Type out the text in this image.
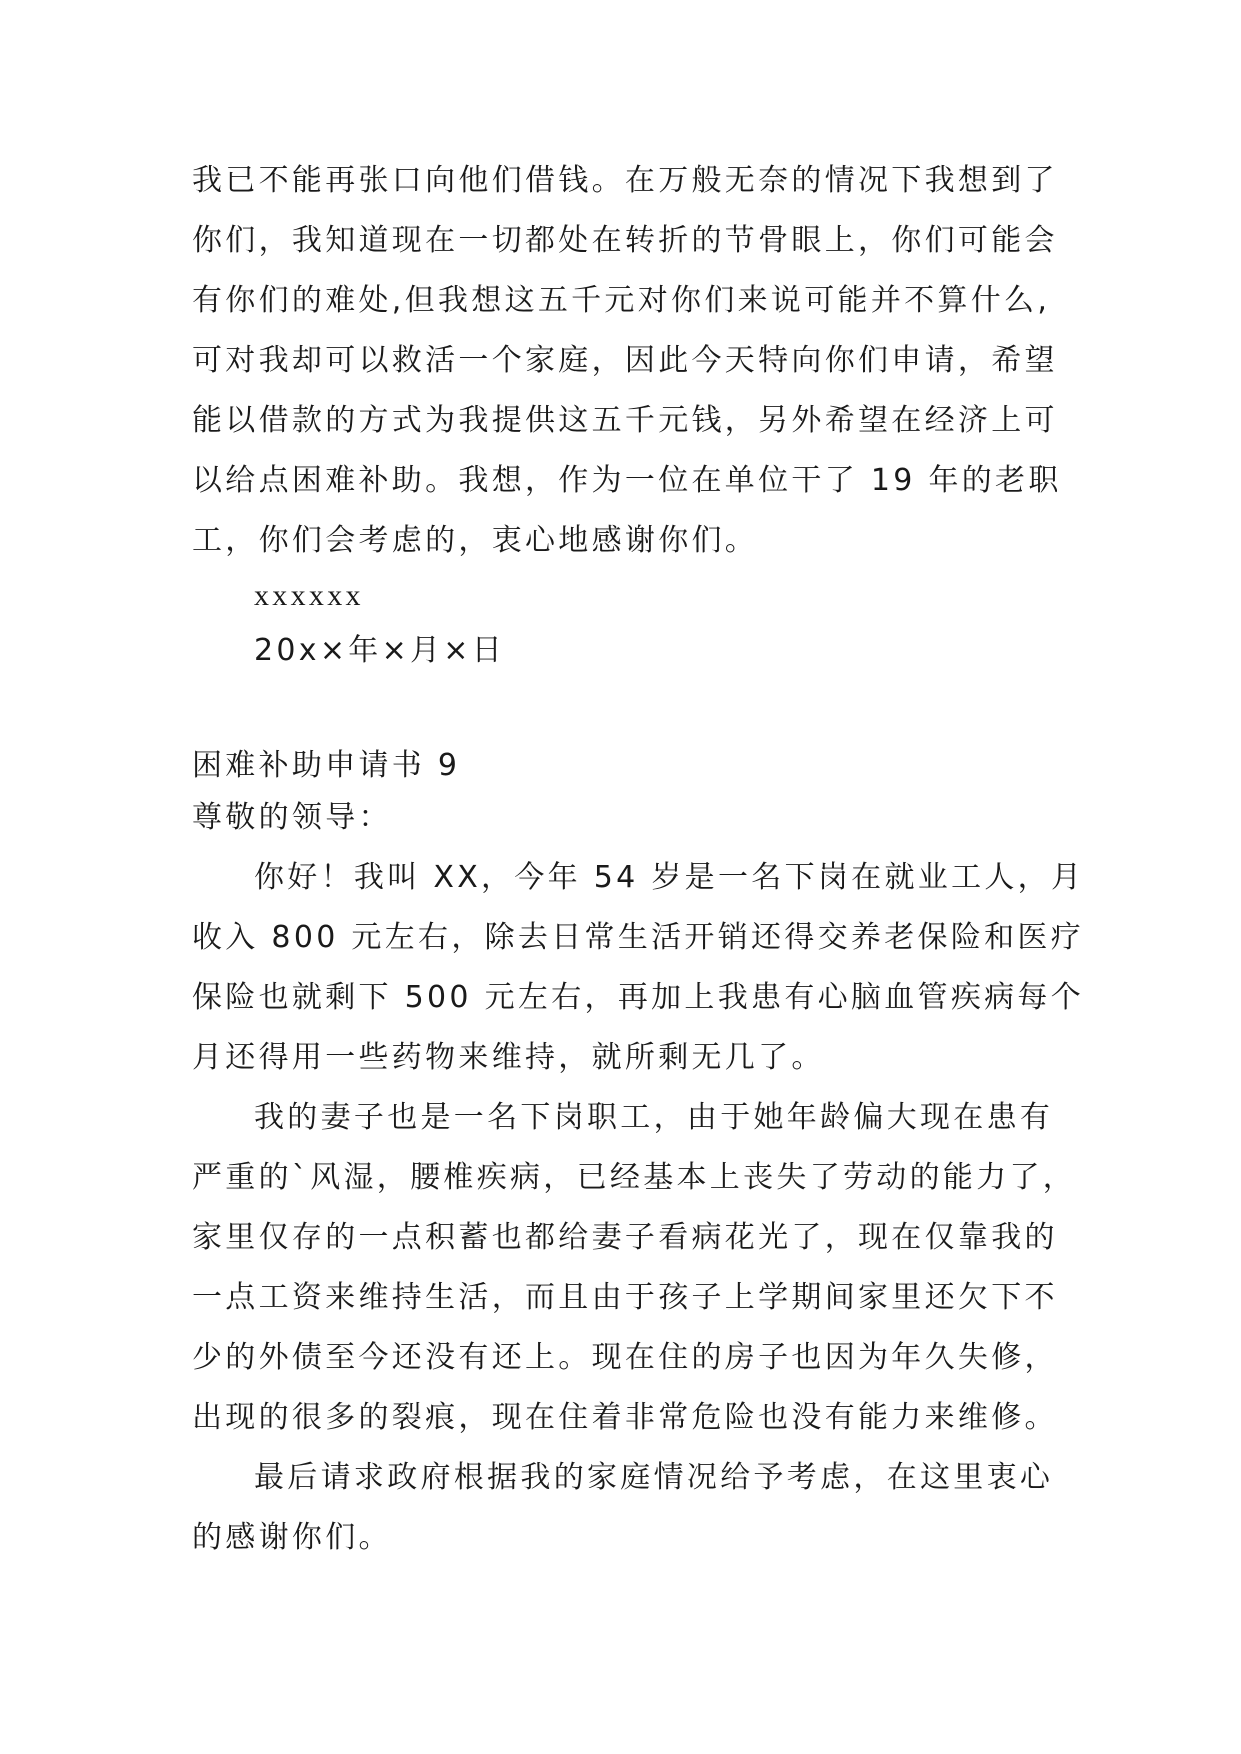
我已不能再张口向他们借钱。在万般无奈的情况下我想到了
你们，我知道现在一切都处在转折的节骨眼上，你们可能会
有你们的难处,但我想这五千元对你们来说可能并不算什么,
可对我却可以救活一个家庭，因此今天特向你们申请，希望
能以借款的方式为我提供这五千元钱，另外希望在经济上可
以给点困难补助。我想，作为一位在单位干了 19 年的老职
工，你们会考虑的，衷心地感谢你们。
xxxxxx
20x×年×月×日
困难补助申请书 9
尊敬的领导：
你好！我叫 XX，今年 54 岁是一名下岗在就业工人，月
收入 800 元左右，除去日常生活开销还得交养老保险和医疗
保险也就剩下 500 元左右，再加上我患有心脑血管疾病每个
月还得用一些药物来维持，就所剩无几了。
我的妻子也是一名下岗职工，由于她年龄偏大现在患有
严重的`风湿，腰椎疾病，已经基本上丧失了劳动的能力了，
家里仅存的一点积蓄也都给妻子看病花光了，现在仅靠我的
一点工资来维持生活，而且由于孩子上学期间家里还欠下不
少的外债至今还没有还上。现在住的房子也因为年久失修，
出现的很多的裂痕，现在住着非常危险也没有能力来维修。
最后请求政府根据我的家庭情况给予考虑，在这里衷心
的感谢你们。
